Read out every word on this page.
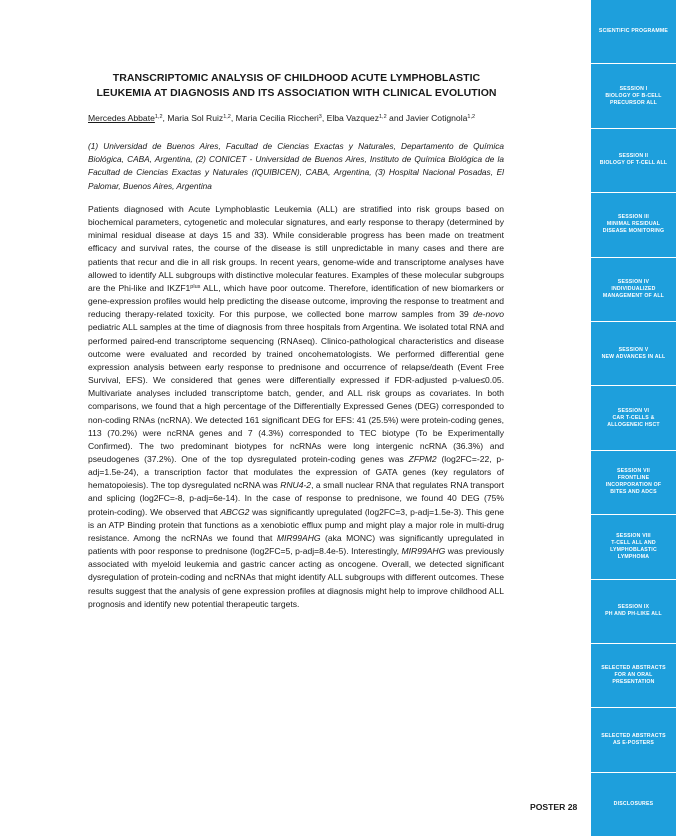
TRANSCRIPTOMIC ANALYSIS OF CHILDHOOD ACUTE LYMPHOBLASTIC LEUKEMIA AT DIAGNOSIS AND ITS ASSOCIATION WITH CLINICAL EVOLUTION
Mercedes Abbate$^{1,2}$, Maria Sol Ruiz$^{1,2}$, Maria Cecilia Riccheri$^3$, Elba Vazquez$^{1,2}$ and Javier Cotignola$^{1,2}$
(1) Universidad de Buenos Aires, Facultad de Ciencias Exactas y Naturales, Departamento de Química Biológica, CABA, Argentina, (2) CONICET - Universidad de Buenos Aires, Instituto de Química Biológica de la Facultad de Ciencias Exactas y Naturales (IQUIBICEN), CABA, Argentina, (3) Hospital Nacional Posadas, El Palomar, Buenos Aires, Argentina

Patients diagnosed with Acute Lymphoblastic Leukemia (ALL) are stratified into risk groups based on biochemical parameters, cytogenetic and molecular signatures, and early response to therapy (determined by minimal residual disease at days 15 and 33). While considerable progress has been made on treatment efficacy and survival rates, the course of the disease is still unpredictable in many cases and there are patients that recur and die in all risk groups. In recent years, genome-wide and transcriptome analyses have allowed to identify ALL subgroups with distinctive molecular features. Examples of these molecular subgroups are the Phi-like and $IKZF1^{plus}$ ALL, which have poor outcome. Therefore, identification of new biomarkers or gene-expression profiles would help predicting the disease outcome, improving the response to treatment and reducing therapy-related toxicity. For this purpose, we collected bone marrow samples from 39 de-novo pediatric ALL samples at the time of diagnosis from three hospitals from Argentina. We isolated total RNA and performed paired-end transcriptome sequencing (RNAseq). Clinico-pathological characteristics and disease outcome were evaluated and recorded by trained oncohematologists. We performed differential gene expression analysis between early response to prednisone and occurrence of relapse/death (Event Free Survival, EFS). We considered that genes were differentially expressed if FDR-adjusted p-value≤0.05. Multivariate analyses included transcriptome batch, gender, and ALL risk groups as covariates. In both comparisons, we found that a high percentage of the Differentially Expressed Genes (DEG) corresponded to non-coding RNAs (ncRNA). We detected 161 significant DEG for EFS: 41 (25.5%) were protein-coding genes, 113 (70.2%) were ncRNA genes and 7 (4.3%) corresponded to TEC biotype (To be Experimentally Confirmed). The two predominant biotypes for ncRNAs were long intergenic ncRNA (36.3%) and pseudogenes (37.2%). One of the top dysregulated protein-coding genes was ZFPM2 (log2FC=-22, p-adj=1.5e-24), a transcription factor that modulates the expression of GATA genes (key regulators of hematopoiesis). The top dysregulated ncRNA was RNU4-2, a small nuclear RNA that regulates RNA transport and splicing (log2FC=-8, p-adj=6e-14). In the case of response to prednisone, we found 40 DEG (75% protein-coding). We observed that ABCG2 was significantly upregulated (log2FC=3, p-adj=1.5e-3). This gene is an ATP Binding protein that functions as a xenobiotic efflux pump and might play a major role in multi-drug resistance. Among the ncRNAs we found that MIR99AHG (aka MONC) was significantly upregulated in patients with poor response to prednisone (log2FC=5, p-adj=8.4e-5). Interestingly, MIR99AHG was previously associated with myeloid leukemia and gastric cancer acting as oncogene. Overall, we detected significant dysregulation of protein-coding and ncRNAs that might identify ALL subgroups with different outcomes. These results suggest that the analysis of gene expression profiles at diagnosis might help to improve childhood ALL prognosis and identify new potential therapeutic targets.

POSTER 28
SCIENTIFIC PROGRAMME
SESSION I
BIOLOGY OF B-CELL
PRECURSOR ALL
SESSION II
BIOLOGY OF T-CELL ALL
SESSION III
MINIMAL RESIDUAL
DISEASE MONITORING
SESSION IV
INDIVIDUALIZED
MANAGEMENT OF ALL
SESSION V
NEW ADVANCES IN ALL
SESSION VI
CAR T-CELLS &
ALLOGENEIC HSCT
SESSION VII
FRONTLINE
INCORPORATION OF
BITES AND ADCS
SESSION VIII
T-CELL ALL AND
LYMPHOBLASTIC
LYMPHOMA
SESSION IX
PH AND PH-LIKE ALL
SELECTED ABSTRACTS
FOR AN ORAL
PRESENTATION
SELECTED ABSTRACTS
AS E-POSTERS
DISCLOSURES
